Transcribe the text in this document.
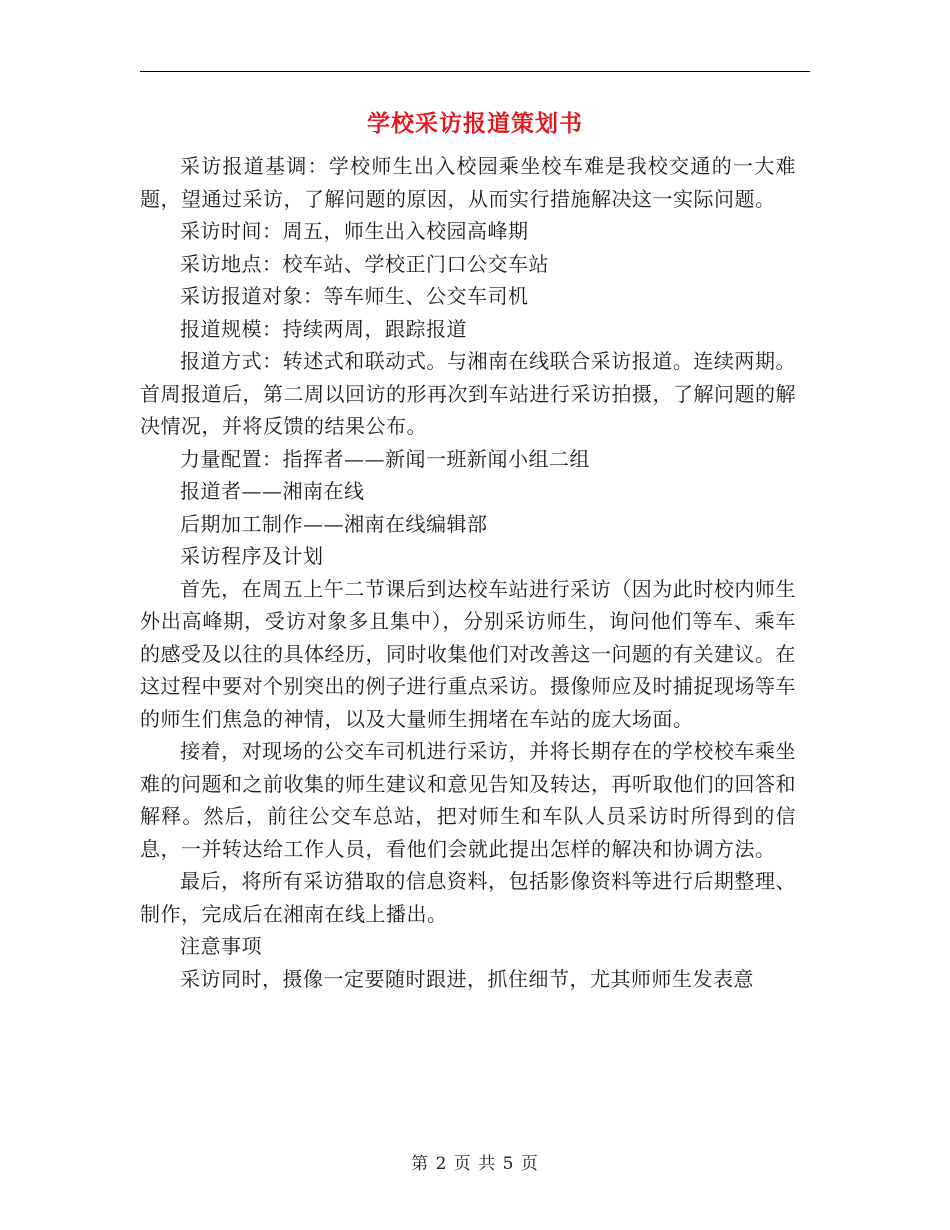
学校采访报道策划书

采访报道基调：学校师生出入校园乘坐校车难是我校交通的一大难题，望通过采访，了解问题的原因，从而实行措施解决这一实际问题。

采访时间：周五，师生出入校园高峰期

采访地点：校车站、学校正门口公交车站

采访报道对象：等车师生、公交车司机

报道规模：持续两周，跟踪报道

报道方式：转述式和联动式。与湘南在线联合采访报道。连续两期。首周报道后，第二周以回访的形再次到车站进行采访拍摄，了解问题的解决情况，并将反馈的结果公布。

力量配置：指挥者——新闻一班新闻小组二组

报道者——湘南在线

后期加工制作——湘南在线编辑部

采访程序及计划

首先，在周五上午二节课后到达校车站进行采访（因为此时校内师生外出高峰期，受访对象多且集中），分别采访师生，询问他们等车、乘车的感受及以往的具体经历，同时收集他们对改善这一问题的有关建议。在这过程中要对个别突出的例子进行重点采访。摄像师应及时捕捉现场等车的师生们焦急的神情，以及大量师生拥堵在车站的庞大场面。

接着，对现场的公交车司机进行采访，并将长期存在的学校校车乘坐难的问题和之前收集的师生建议和意见告知及转达，再听取他们的回答和解释。然后，前往公交车总站，把对师生和车队人员采访时所得到的信息，一并转达给工作人员，看他们会就此提出怎样的解决和协调方法。

最后，将所有采访猎取的信息资料，包括影像资料等进行后期整理、制作，完成后在湘南在线上播出。

注意事项

采访同时，摄像一定要随时跟进，抓住细节，尤其师师生发表意

第 2 页 共 5 页
